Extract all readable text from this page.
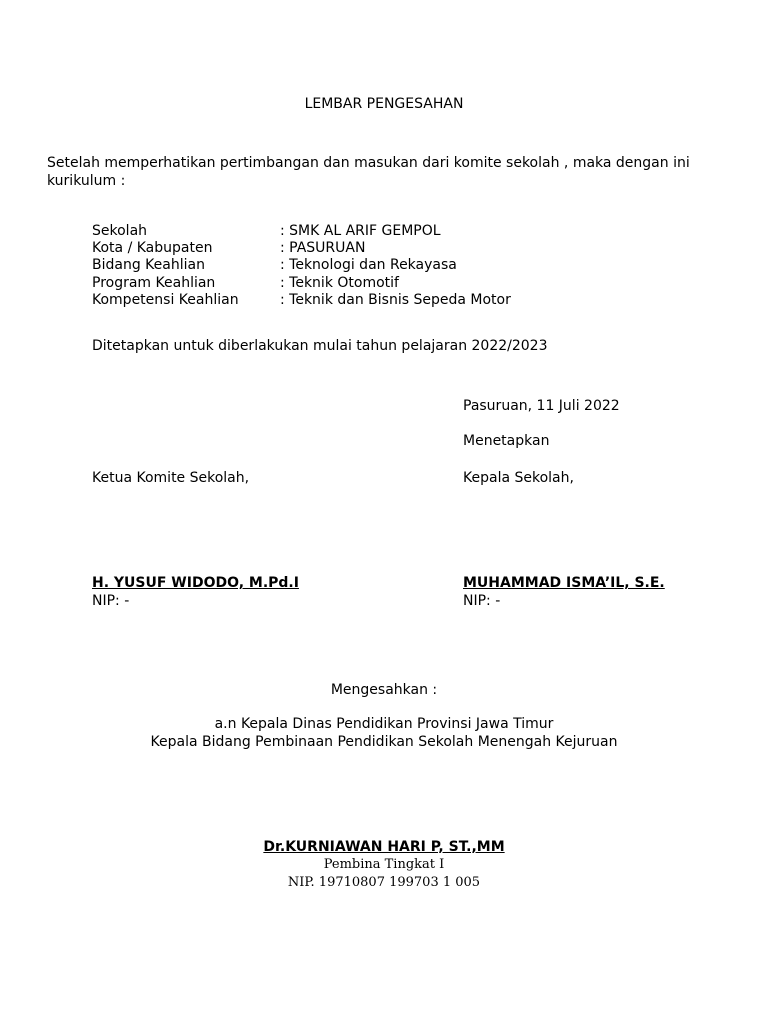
LEMBAR PENGESAHAN
Setelah memperhatikan pertimbangan dan masukan dari komite sekolah , maka dengan ini
kurikulum :
Sekolah	: SMK AL ARIF GEMPOL
Kota / Kabupaten	: PASURUAN
Bidang Keahlian	: Teknologi dan Rekayasa
Program Keahlian	: Teknik Otomotif
Kompetensi Keahlian	: Teknik dan Bisnis Sepeda Motor
Ditetapkan untuk diberlakukan mulai tahun pelajaran 2022/2023
Pasuruan, 11 Juli 2022
Menetapkan
Ketua Komite Sekolah,	Kepala Sekolah,
H. YUSUF WIDODO, M.Pd.I
NIP: -
MUHAMMAD ISMA’IL, S.E.
NIP: -
Mengesahkan :
a.n Kepala Dinas Pendidikan Provinsi Jawa Timur
Kepala Bidang Pembinaan Pendidikan Sekolah Menengah Kejuruan
Dr.KURNIAWAN HARI P, ST.,MM
Pembina Tingkat I
NIP. 19710807 199703 1 005
